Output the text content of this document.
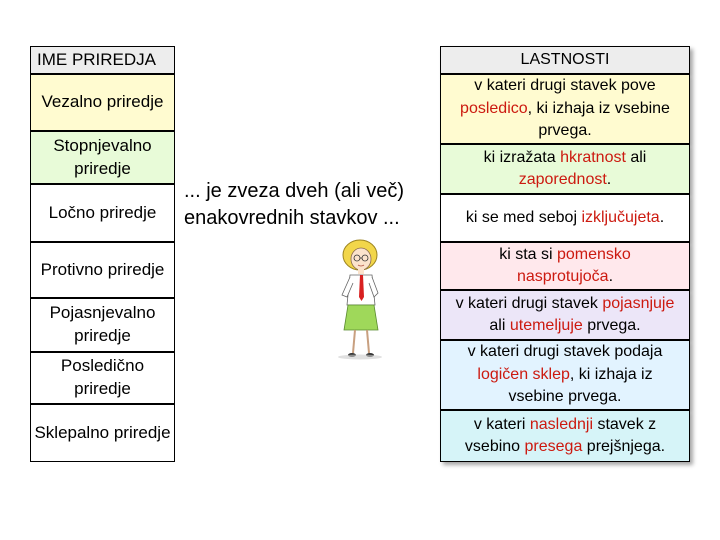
IME PRIREDJA
Vezalno priredje
Stopnjevalno priredje
Ločno priredje
Protivno priredje
Pojasnjevalno priredje
Posledično priredje
Sklepalno priredje
... je zveza dveh (ali več)
enakovrednih stavkov ...
LASTNOSTI
v kateri drugi stavek pove posledico, ki izhaja iz vsebine prvega.
ki izražata hkratnost ali zaporednost.
ki se med seboj izključujeta.
ki sta si pomensko nasprotujoča.
v kateri drugi stavek pojasnjuje ali utemeljuje prvega.
v kateri drugi stavek podaja logičen sklep, ki izhaja iz vsebine prvega.
v kateri naslednji stavek z vsebino presega prejšnjega.
